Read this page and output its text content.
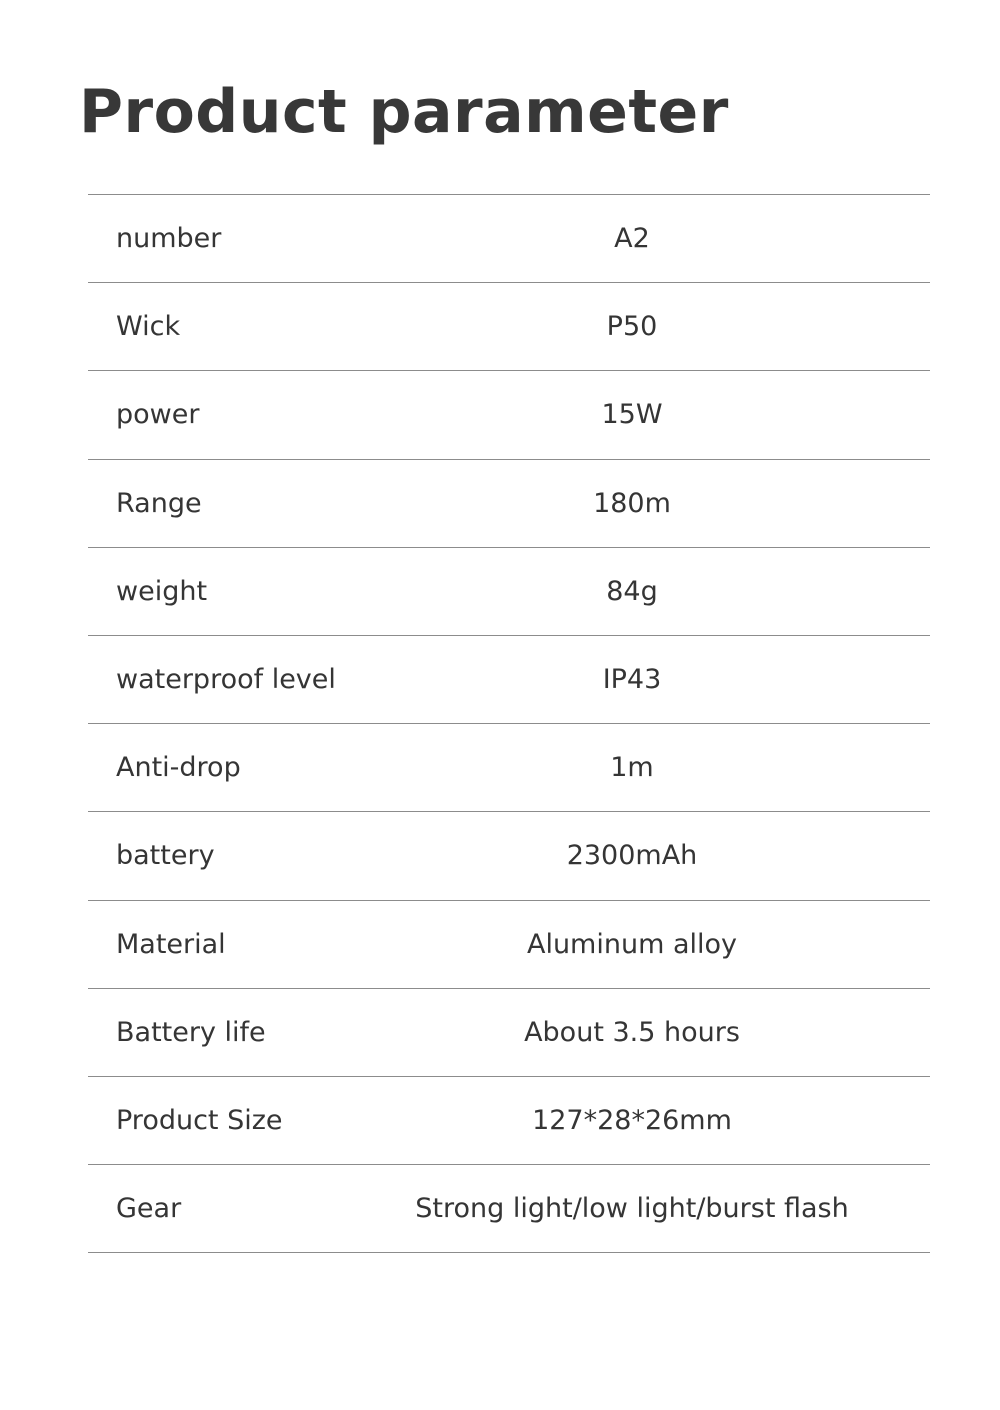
Product parameter
number	A2
Wick	P50
power	15W
Range	180m
weight	84g
waterproof level	IP43
Anti-drop	1m
battery	2300mAh
Material	Aluminum alloy
Battery life	About 3.5 hours
Product Size	127*28*26mm
Gear	Strong light/low light/burst flash
